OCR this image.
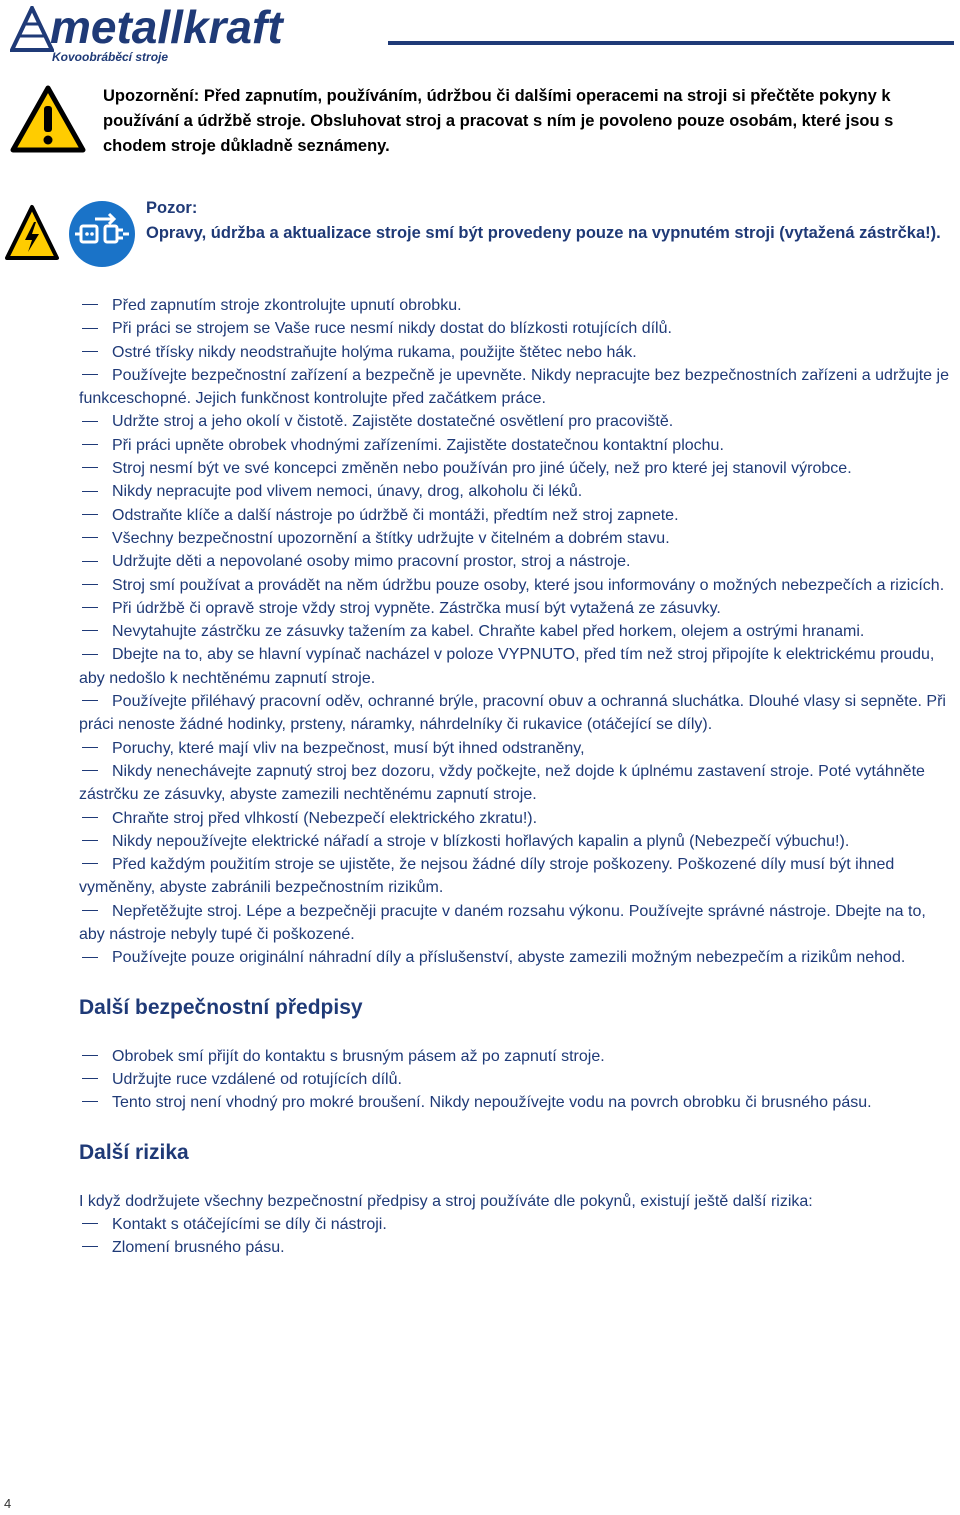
metallkraft
Kovoobráběcí stroje
Upozornění: Před zapnutím, používáním, údržbou či dalšími operacemi na stroji si přečtěte pokyny k používání a údržbě stroje. Obsluhovat stroj a pracovat s ním je povoleno pouze osobám, které jsou s chodem stroje důkladně seznámeny.
Pozor:
Opravy, údržba a aktualizace stroje smí být provedeny pouze na vypnutém stroji (vytažená zástrčka!).
Před zapnutím stroje zkontrolujte upnutí obrobku.
Při práci se strojem se Vaše ruce nesmí nikdy dostat do blízkosti rotujících dílů.
Ostré třísky nikdy neodstraňujte holýma rukama, použijte štětec nebo hák.
Používejte bezpečnostní zařízení a bezpečně je upevněte. Nikdy nepracujte bez bezpečnostních zařízeni a udržujte je funkceschopné. Jejich funkčnost kontrolujte před začátkem práce.
Udržte stroj a jeho okolí v čistotě. Zajistěte dostatečné osvětlení pro pracoviště.
Při práci upněte obrobek vhodnými zařízeními. Zajistěte dostatečnou kontaktní plochu.
Stroj nesmí být ve své koncepci změněn nebo používán pro jiné účely, než pro které jej stanovil výrobce.
Nikdy nepracujte pod vlivem nemoci, únavy, drog, alkoholu či léků.
Odstraňte klíče a další nástroje po údržbě či montáži, předtím než stroj zapnete.
Všechny bezpečnostní upozornění a štítky udržujte v čitelném a dobrém stavu.
Udržujte děti a nepovolané osoby mimo pracovní prostor, stroj a nástroje.
Stroj smí používat a provádět na něm údržbu pouze osoby, které jsou informovány o možných nebezpečích a rizicích.
Při údržbě či opravě stroje vždy stroj vypněte. Zástrčka musí být vytažená ze zásuvky.
Nevytahujte zástrčku ze zásuvky tažením za kabel. Chraňte kabel před horkem, olejem a ostrými hranami.
Dbejte na to, aby se hlavní vypínač nacházel v poloze VYPNUTO, před tím než stroj připojíte k elektrickému proudu, aby nedošlo k nechtěnému zapnutí stroje.
Používejte přiléhavý pracovní oděv, ochranné brýle, pracovní obuv a ochranná sluchátka. Dlouhé vlasy si sepněte. Při práci nenoste žádné hodinky, prsteny, náramky, náhrdelníky či rukavice (otáčející se díly).
Poruchy, které mají vliv na bezpečnost, musí být ihned odstraněny,
Nikdy nenechávejte zapnutý stroj bez dozoru, vždy počkejte, než dojde k úplnému zastavení stroje. Poté vytáhněte zástrčku ze zásuvky, abyste zamezili nechtěnému zapnutí stroje.
Chraňte stroj před vlhkostí (Nebezpečí elektrického zkratu!).
Nikdy nepoužívejte elektrické nářadí a stroje v blízkosti hořlavých kapalin a plynů (Nebezpečí výbuchu!).
Před každým použitím stroje se ujistěte, že nejsou žádné díly stroje poškozeny. Poškozené díly musí být ihned vyměněny, abyste zabránili bezpečnostním rizikům.
Nepřetěžujte stroj. Lépe a bezpečněji pracujte v daném rozsahu výkonu. Používejte správné nástroje. Dbejte na to, aby nástroje nebyly tupé či poškozené.
Používejte pouze originální náhradní díly a příslušenství, abyste zamezili možným nebezpečím a rizikům nehod.
Další bezpečnostní předpisy
Obrobek smí přijít do kontaktu s brusným pásem až po zapnutí stroje.
Udržujte ruce vzdálené od rotujících dílů.
Tento stroj není vhodný pro mokré broušení. Nikdy nepoužívejte vodu na povrch obrobku či brusného pásu.
Další rizika

I když dodržujete všechny bezpečnostní předpisy a stroj používáte dle pokynů, existují ještě další rizika:

Kontakt s otáčejícími se díly či nástroji.
Zlomení brusného pásu.
4
